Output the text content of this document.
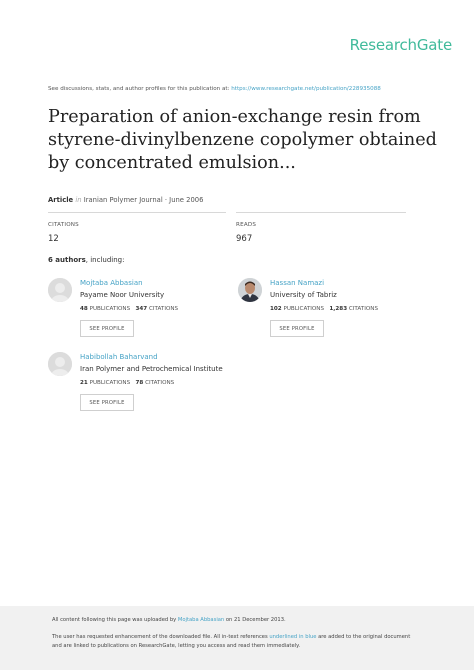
ResearchGate
See discussions, stats, and author profiles for this publication at: https://www.researchgate.net/publication/228935088
Preparation of anion-exchange resin from styrene-divinylbenzene copolymer obtained by concentrated emulsion...
Article in Iranian Polymer Journal · June 2006
CITATIONS
12
READS
967
6 authors, including:
Mojtaba Abbasian
Payame Noor University
48 PUBLICATIONS 347 CITATIONS
SEE PROFILE
Hassan Namazi
University of Tabriz
102 PUBLICATIONS 1,283 CITATIONS
SEE PROFILE
Habibollah Baharvand
Iran Polymer and Petrochemical Institute
21 PUBLICATIONS 78 CITATIONS
SEE PROFILE
All content following this page was uploaded by Mojtaba Abbasian on 21 December 2013.
The user has requested enhancement of the downloaded file. All in-text references underlined in blue are added to the original document
and are linked to publications on ResearchGate, letting you access and read them immediately.
